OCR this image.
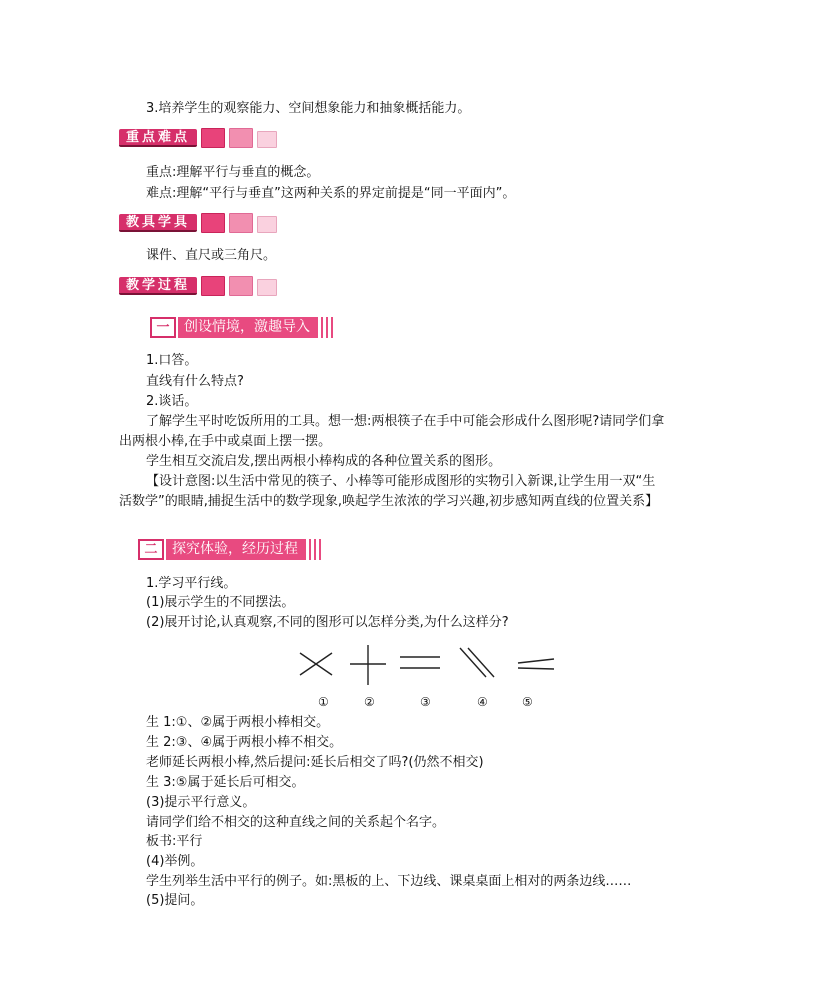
3.培养学生的观察能力、空间想象能力和抽象概括能力。
重点难点
重点:理解平行与垂直的概念。
难点:理解“平行与垂直”这两种关系的界定前提是“同一平面内”。
教具学具
课件、直尺或三角尺。
教学过程
一	创设情境，激趣导入
1.口答。
直线有什么特点?
2.谈话。
了解学生平时吃饭所用的工具。想一想:两根筷子在手中可能会形成什么图形呢?请同学们拿
出两根小棒,在手中或桌面上摆一摆。
学生相互交流启发,摆出两根小棒构成的各种位置关系的图形。
【设计意图:以生活中常见的筷子、小棒等可能形成图形的实物引入新课,让学生用一双“生
活数学”的眼睛,捕捉生活中的数学现象,唤起学生浓浓的学习兴趣,初步感知两直线的位置关系】
二	探究体验，经历过程
1.学习平行线。
(1)展示学生的不同摆法。
(2)展开讨论,认真观察,不同的图形可以怎样分类,为什么这样分?
①	②	③	④	⑤
生 1:①、②属于两根小棒相交。
生 2:③、④属于两根小棒不相交。
老师延长两根小棒,然后提问:延长后相交了吗?(仍然不相交)
生 3:⑤属于延长后可相交。
(3)提示平行意义。
请同学们给不相交的这种直线之间的关系起个名字。
板书:平行
(4)举例。
学生列举生活中平行的例子。如:黑板的上、下边线、课桌桌面上相对的两条边线……
(5)提问。
